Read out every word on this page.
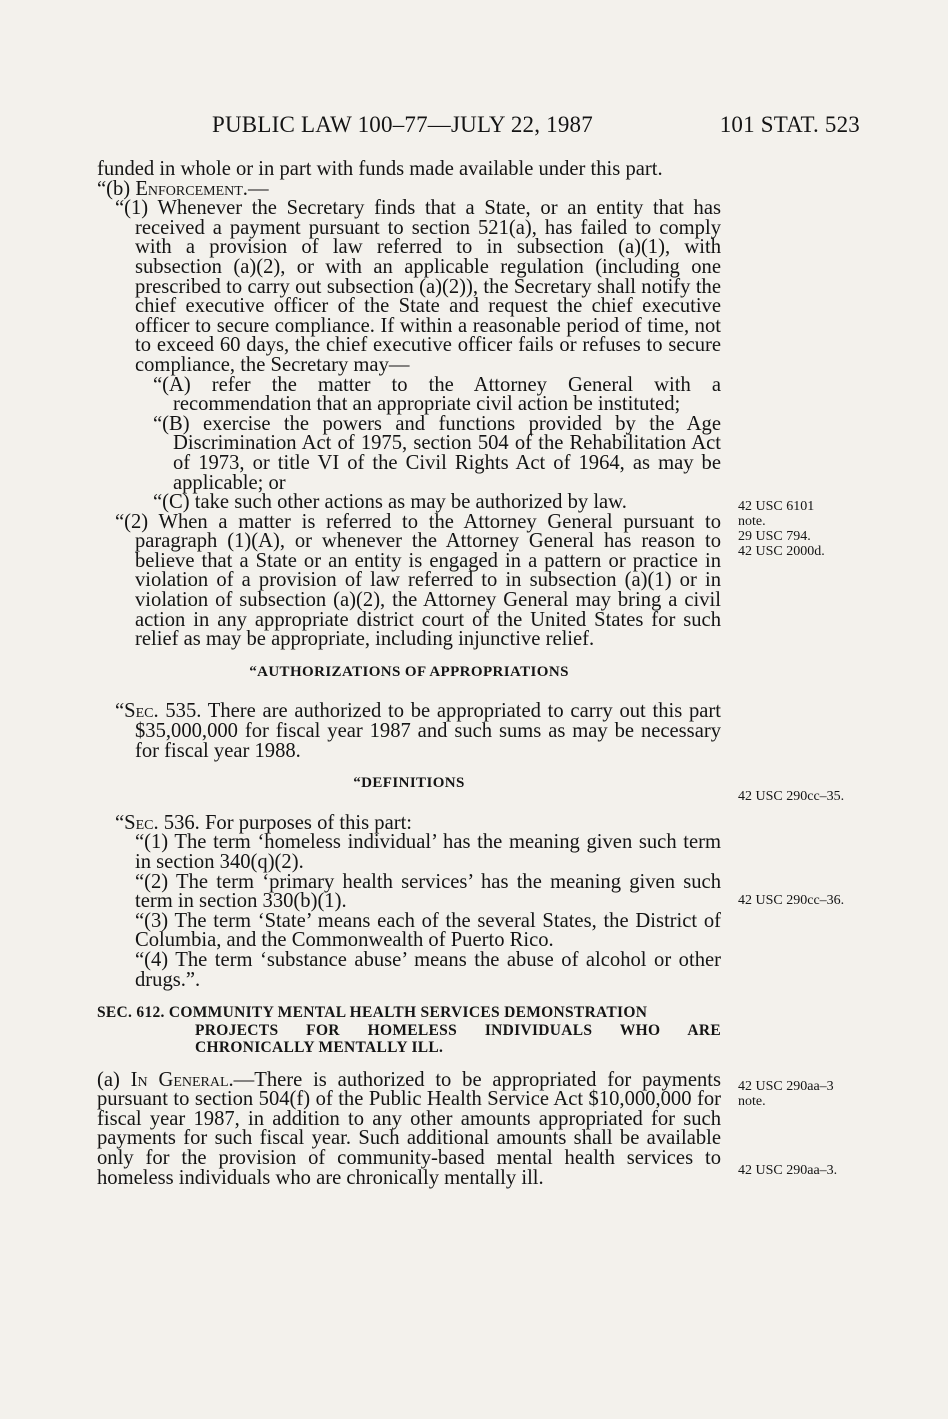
PUBLIC LAW 100–77—JULY 22, 1987	101 STAT. 523

funded in whole or in part with funds made available under this part.

“(b) Enforcement.—

“(1) Whenever the Secretary finds that a State, or an entity that has received a payment pursuant to section 521(a), has failed to comply with a provision of law referred to in subsection (a)(1), with subsection (a)(2), or with an applicable regulation (including one prescribed to carry out subsection (a)(2)), the Secretary shall notify the chief executive officer of the State and request the chief executive officer to secure compliance. If within a reasonable period of time, not to exceed 60 days, the chief executive officer fails or refuses to secure compliance, the Secretary may—

“(A) refer the matter to the Attorney General with a recommendation that an appropriate civil action be instituted;

“(B) exercise the powers and functions provided by the Age Discrimination Act of 1975, section 504 of the Rehabilitation Act of 1973, or title VI of the Civil Rights Act of 1964, as may be applicable; or

“(C) take such other actions as may be authorized by law.

“(2) When a matter is referred to the Attorney General pursuant to paragraph (1)(A), or whenever the Attorney General has reason to believe that a State or an entity is engaged in a pattern or practice in violation of a provision of law referred to in subsection (a)(1) or in violation of subsection (a)(2), the Attorney General may bring a civil action in any appropriate district court of the United States for such relief as may be appropriate, including injunctive relief.

“AUTHORIZATIONS OF APPROPRIATIONS

“Sec. 535. There are authorized to be appropriated to carry out this part $35,000,000 for fiscal year 1987 and such sums as may be necessary for fiscal year 1988.

“DEFINITIONS

“Sec. 536. For purposes of this part:

“(1) The term ‘homeless individual’ has the meaning given such term in section 340(q)(2).

“(2) The term ‘primary health services’ has the meaning given such term in section 330(b)(1).

“(3) The term ‘State’ means each of the several States, the District of Columbia, and the Commonwealth of Puerto Rico.

“(4) The term ‘substance abuse’ means the abuse of alcohol or other drugs.”.

SEC. 612. COMMUNITY MENTAL HEALTH SERVICES DEMONSTRATION
PROJECTS FOR HOMELESS INDIVIDUALS WHO ARE CHRONICALLY MENTALLY ILL.

(a) In General.—There is authorized to be appropriated for payments pursuant to section 504(f) of the Public Health Service Act $10,000,000 for fiscal year 1987, in addition to any other amounts appropriated for such payments for such fiscal year. Such additional amounts shall be available only for the provision of community-based mental health services to homeless individuals who are chronically mentally ill.

42 USC 6101
note.
29 USC 794.
42 USC 2000d.
42 USC 290cc–35.
42 USC 290cc–36.
42 USC 290aa–3
note.
42 USC 290aa–3.
